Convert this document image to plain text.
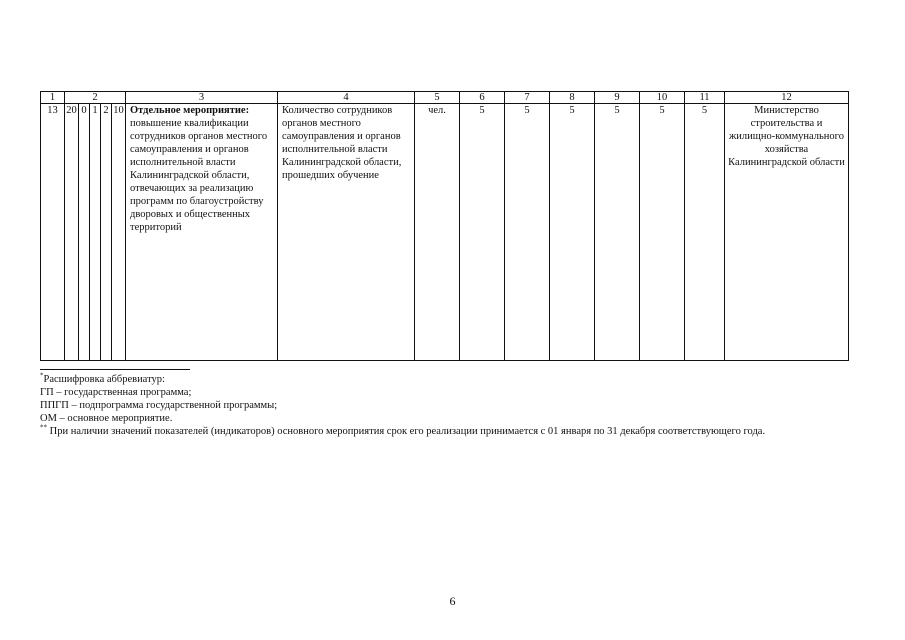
1	2					3	4	5	6	7	8	9	10	11	12
13	20	0	1	2	10	Отдельное мероприятие: повышение квалификации сотрудников органов местного самоуправления и органов исполнительной власти Калининградской области, отвечающих за реализацию программ по благоустройству дворовых и общественных территорий	Количество сотрудников органов местного самоуправления и органов исполнительной власти Калининградской области, прошедших обучение	чел.	5	5	5	5	5	5	Министерство строительства и жилищно-коммунального хозяйства Калининградской области

*Расшифровка аббревиатур:

ГП – государственная программа;

ППГП – подпрограмма государственной программы;

ОМ – основное мероприятие.

** При наличии значений показателей (индикаторов) основного мероприятия срок его реализации принимается с 01 января по 31 декабря соответствующего года.

6
